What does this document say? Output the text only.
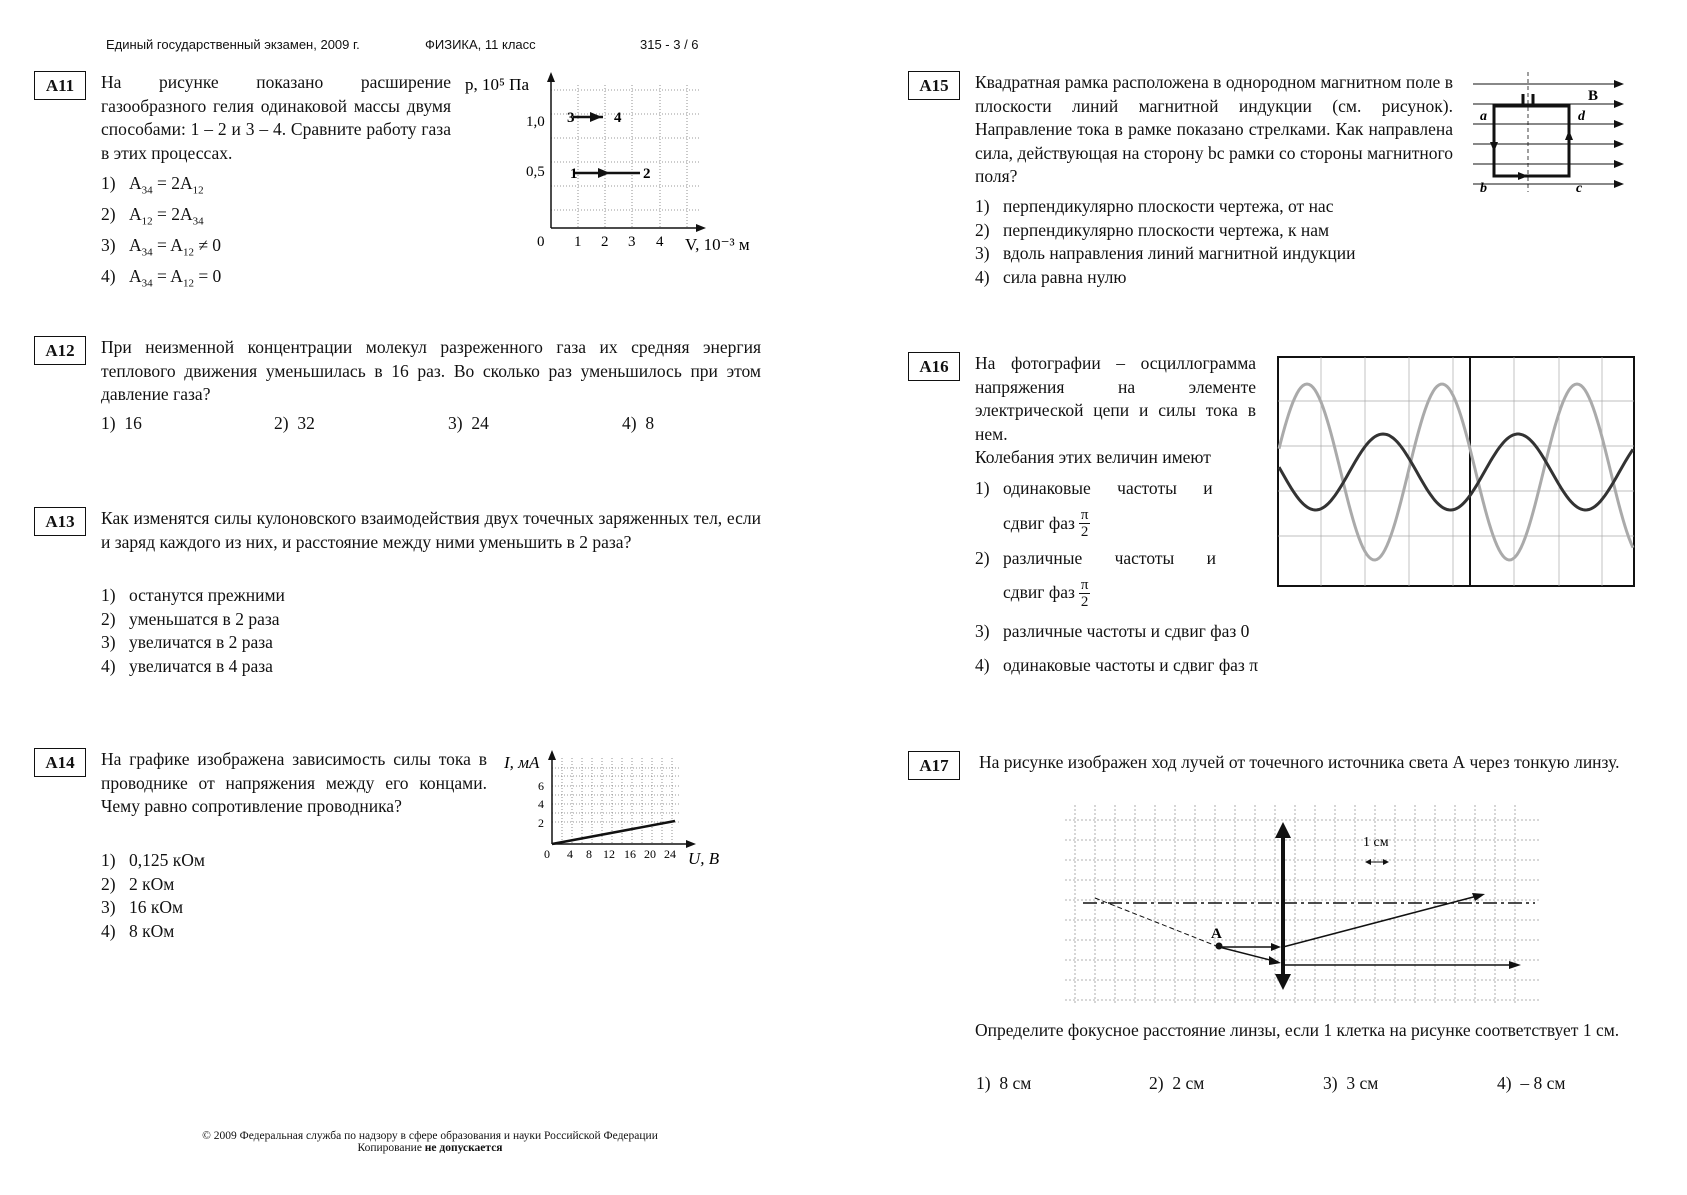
Единый государственный экзамен, 2009 г.	ФИЗИКА, 11 класс	315 - 3 / 6
A11	На рисунке показано расширение газообразного гелия одинаковой массы двумя способами: 1 – 2 и 3 – 4. Сравните работу газа в этих процессах.
1) $A_{34} = 2A_{12}$
2) $A_{12} = 2A_{34}$
3) $A_{34} = A_{12} \ne 0$
4) $A_{34} = A_{12} = 0$
p, 10⁵ Па
1,0
0,5
0 1 2 3 4 V, 10⁻³ м
1	2
3	4
A12	При неизменной концентрации молекул разреженного газа их средняя энергия теплового движения уменьшилась в 16 раз. Во сколько раз уменьшилось при этом давление газа?
1)  16	2)  32	3)  24	4)  8
A13	Как изменятся силы кулоновского взаимодействия двух точечных заряженных тел, если и заряд каждого из них, и расстояние между ними уменьшить в 2 раза?
1) останутся прежними
2) уменьшатся в 2 раза
3) увеличатся в 2 раза
4) увеличатся в 4 раза
A14	На графике изображена зависимость силы тока в проводнике от напряжения между его концами. Чему равно сопротивление проводника?
1) 0,125 кОм
2) 2 кОм
3) 16 кОм
4) 8 кОм
I, мА
6
4
2
0 4 8 12 16 20 24 U, В
A15	Квадратная рамка расположена в однородном магнитном поле в плоскости линий магнитной индукции (см. рисунок). Направление тока в рамке показано стрелками. Как направлена сила, действующая на сторону bc рамки со стороны магнитного поля?
1) перпендикулярно плоскости чертежа, от нас
2) перпендикулярно плоскости чертежа, к нам
3) вдоль направления линий магнитной индукции
4) сила равна нулю
B
a
b	c
d
A16	На фотографии – осциллограмма напряжения на элементе электрической цепи и силы тока в нем.
Колебания этих величин имеют
1) одинаковые частоты и
сдвиг фаз $\frac{\pi}{2}$
2) различные частоты и
сдвиг фаз $\frac{\pi}{2}$
3) различные частоты и сдвиг фаз 0
4) одинаковые частоты и сдвиг фаз π
A17	На рисунке изображен ход лучей от точечного источника света А через тонкую линзу.
A
1 см
Определите фокусное расстояние линзы, если 1 клетка на рисунке соответствует 1 см.
1)  8 см	2)  2 см	3)  3 см	4)  – 8 см
© 2009 Федеральная служба по надзору в сфере образования и науки Российской Федерации
Копирование не допускается
